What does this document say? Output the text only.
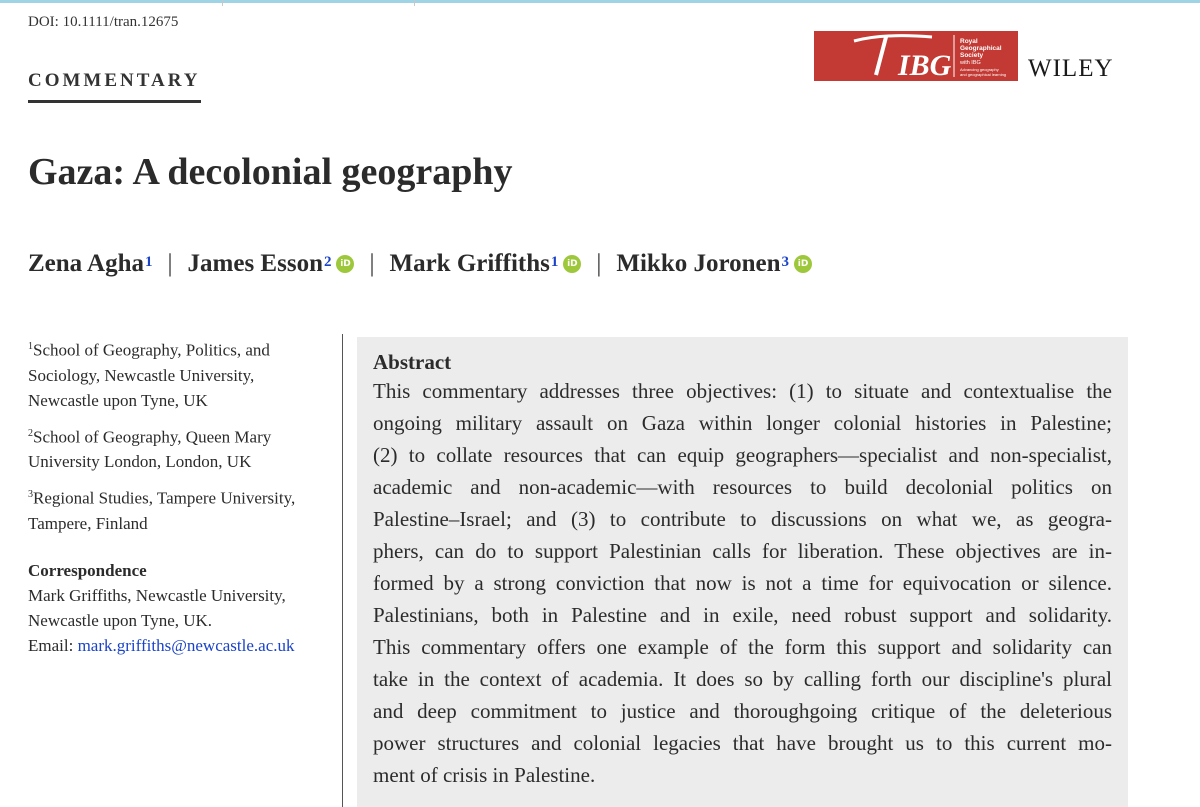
DOI: 10.1111/tran.12675
COMMENTARY	IBG
Royal
Geographical
Society
with IBG
Advancing geography
and geographical learning WILEY
Gaza: A decolonial geography
Zena Agha 1 | James Esson 2 iD | Mark Griffiths 1 iD | Mikko Joronen 3 iD
$^1$School of Geography, Politics, and
Sociology, Newcastle University,
Newcastle upon Tyne, UK
$^2$School of Geography, Queen Mary
University London, London, UK
$^3$Regional Studies, Tampere University,
Tampere, Finland
Correspondence
Mark Griffiths, Newcastle University,
Newcastle upon Tyne, UK.
Email: mark.griffiths@newcastle.ac.uk
Abstract
This commentary addresses three objectives: (1) to situate and contextualise the
ongoing military assault on Gaza within longer colonial histories in Palestine;
(2) to collate resources that can equip geographers—specialist and non-specialist,
academic and non-academic—with resources to build decolonial politics on
Palestine–Israel; and (3) to contribute to discussions on what we, as geogra-
phers, can do to support Palestinian calls for liberation. These objectives are in-
formed by a strong conviction that now is not a time for equivocation or silence.
Palestinians, both in Palestine and in exile, need robust support and solidarity.
This commentary offers one example of the form this support and solidarity can
take in the context of academia. It does so by calling forth our discipline's plural
and deep commitment to justice and thoroughgoing critique of the deleterious
power structures and colonial legacies that have brought us to this current mo-
ment of crisis in Palestine.
